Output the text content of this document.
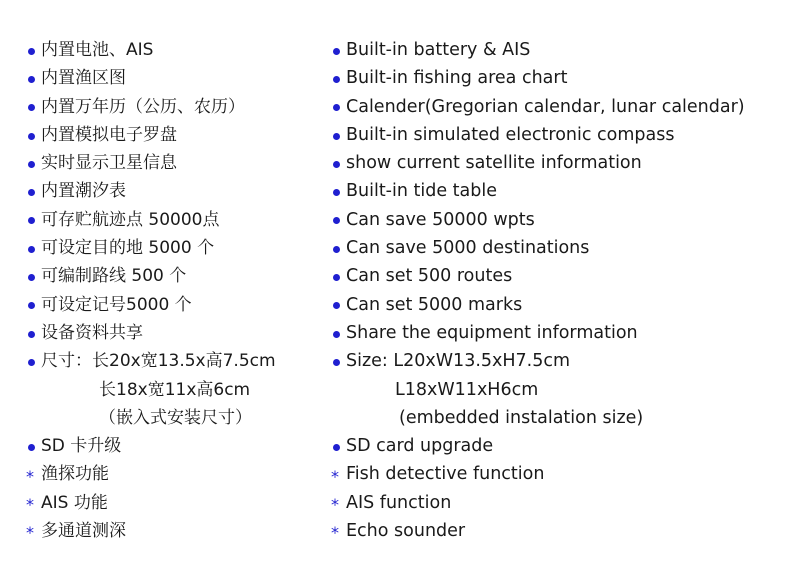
内置电池、AIS
内置渔区图
内置万年历（公历、农历）
内置模拟电子罗盘
实时显示卫星信息
内置潮汐表
可存贮航迹点 50000点
可设定目的地 5000 个
可编制路线 500 个
可设定记号5000 个
设备资料共享
尺寸：长20x宽13.5x高7.5cm
长18x宽11x高6cm
（嵌入式安装尺寸）
SD 卡升级
* 渔探功能
* AIS 功能
* 多通道测深
Built-in battery & AIS
Built-in fishing area chart
Calender(Gregorian calendar, lunar calendar)
Built-in simulated electronic compass
show current satellite information
Built-in tide table
Can save 50000 wpts
Can save 5000 destinations
Can set 500 routes
Can set 5000 marks
Share the equipment information
Size: L20xW13.5xH7.5cm
L18xW11xH6cm
(embedded instalation size)
SD card upgrade
* Fish detective function
* AIS function
* Echo sounder
